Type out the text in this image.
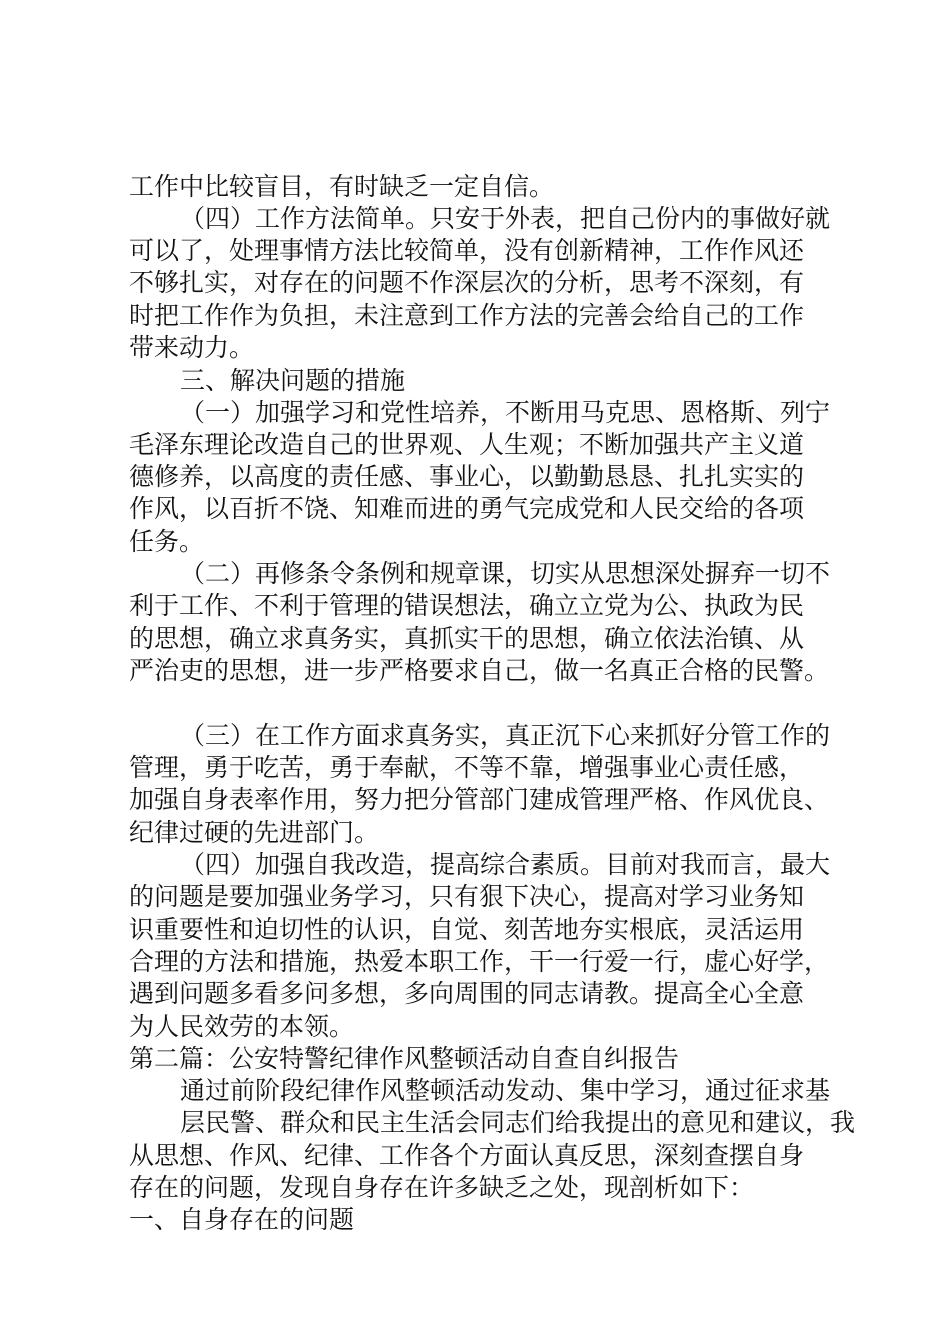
工作中比较盲目，有时缺乏一定自信。
（四）工作方法简单。只安于外表，把自己份内的事做好就
可以了，处理事情方法比较简单，没有创新精神，工作作风还
不够扎实，对存在的问题不作深层次的分析，思考不深刻，有
时把工作作为负担，未注意到工作方法的完善会给自己的工作
带来动力。
三、解决问题的措施
（一）加强学习和党性培养，不断用马克思、恩格斯、列宁
毛泽东理论改造自己的世界观、人生观；不断加强共产主义道
德修养，以高度的责任感、事业心，以勤勤恳恳、扎扎实实的
作风，以百折不饶、知难而进的勇气完成党和人民交给的各项
任务。
（二）再修条令条例和规章课，切实从思想深处摒弃一切不
利于工作、不利于管理的错误想法，确立立党为公、执政为民
的思想，确立求真务实，真抓实干的思想，确立依法治镇、从
严治吏的思想，进一步严格要求自己，做一名真正合格的民警。
（三）在工作方面求真务实，真正沉下心来抓好分管工作的
管理，勇于吃苦，勇于奉献，不等不靠，增强事业心责任感，
加强自身表率作用，努力把分管部门建成管理严格、作风优良、
纪律过硬的先进部门。
（四）加强自我改造，提高综合素质。目前对我而言，最大
的问题是要加强业务学习，只有狠下决心，提高对学习业务知
识重要性和迫切性的认识，自觉、刻苦地夯实根底，灵活运用
合理的方法和措施，热爱本职工作，干一行爱一行，虚心好学，
遇到问题多看多问多想，多向周围的同志请教。提高全心全意
为人民效劳的本领。
第二篇：公安特警纪律作风整顿活动自查自纠报告
通过前阶段纪律作风整顿活动发动、集中学习，通过征求基
层民警、群众和民主生活会同志们给我提出的意见和建议，我
从思想、作风、纪律、工作各个方面认真反思，深刻查摆自身
存在的问题，发现自身存在许多缺乏之处，现剖析如下：
一、自身存在的问题
